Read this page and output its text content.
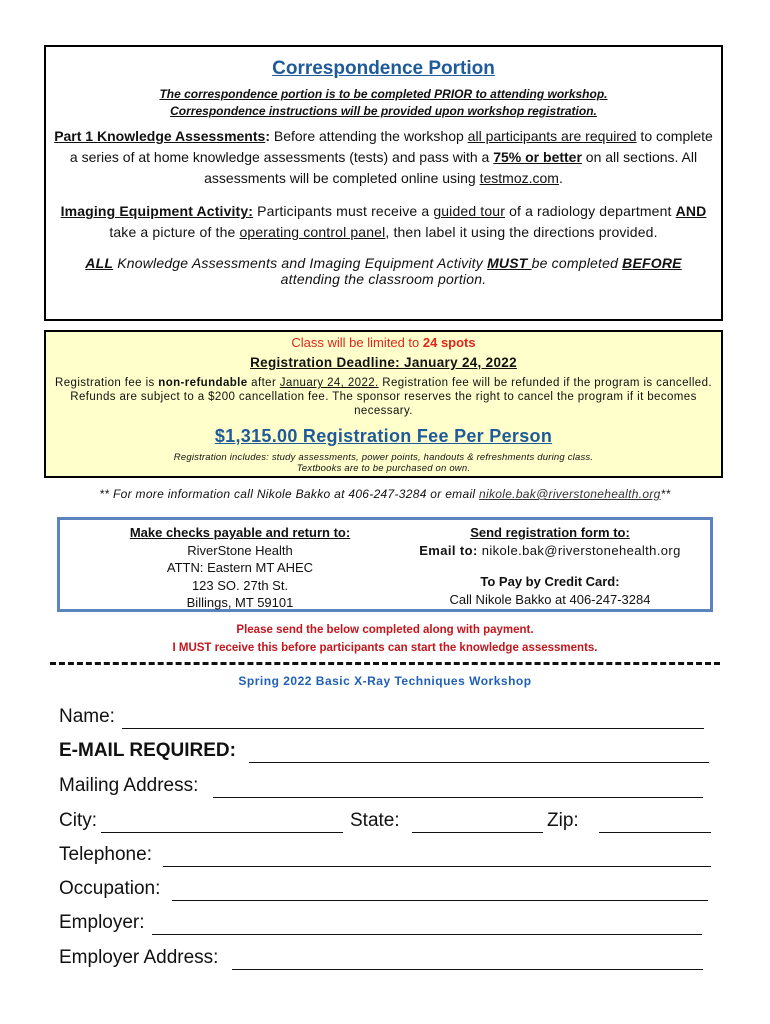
Correspondence Portion
The correspondence portion is to be completed PRIOR to attending workshop.
Correspondence instructions will be provided upon workshop registration.
Part 1 Knowledge Assessments: Before attending the workshop all participants are required to complete a series of at home knowledge assessments (tests) and pass with a 75% or better on all sections. All assessments will be completed online using testmoz.com.
Imaging Equipment Activity: Participants must receive a guided tour of a radiology department AND take a picture of the operating control panel, then label it using the directions provided.
ALL Knowledge Assessments and Imaging Equipment Activity MUST be completed BEFORE
attending the classroom portion.
Class will be limited to 24 spots
Registration Deadline: January 24, 2022
Registration fee is non-refundable after January 24, 2022. Registration fee will be refunded if the program is cancelled. Refunds are subject to a $200 cancellation fee. The sponsor reserves the right to cancel the program if it becomes necessary.
$1,315.00 Registration Fee Per Person
Registration includes: study assessments, power points, handouts & refreshments during class.
Textbooks are to be purchased on own.
** For more information call Nikole Bakko at 406-247-3284 or email nikole.bak@riverstonehealth.org**
Make checks payable and return to:
RiverStone Health
ATTN: Eastern MT AHEC
123 SO. 27th St.
Billings, MT 59101
Send registration form to:
Email to: nikole.bak@riverstonehealth.org
To Pay by Credit Card:
Call Nikole Bakko at 406-247-3284
Please send the below completed along with payment.
I MUST receive this before participants can start the knowledge assessments.
Spring 2022 Basic X-Ray Techniques Workshop
Name:
E-MAIL REQUIRED:
Mailing Address:
City:	State:	Zip:
Telephone:
Occupation:
Employer:
Employer Address:
